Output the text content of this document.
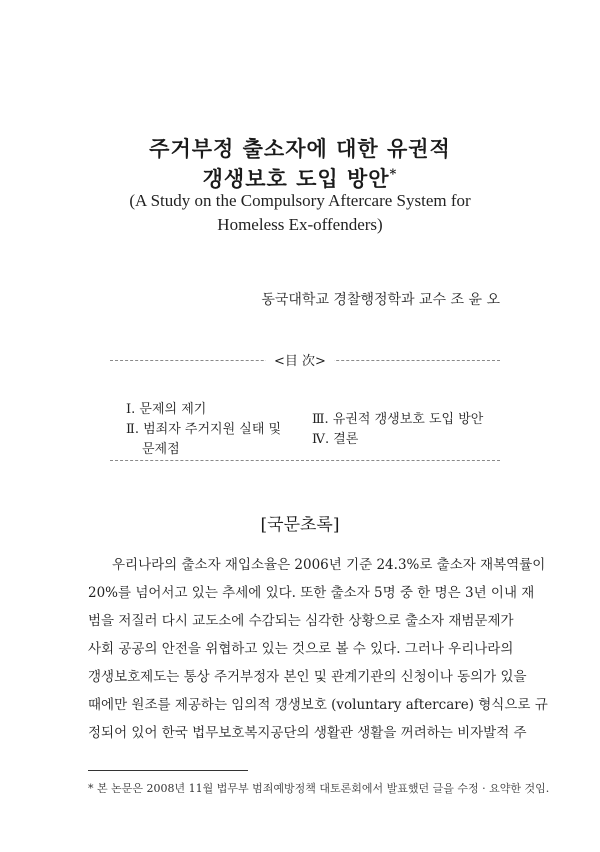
주거부정 출소자에 대한 유권적
갱생보호 도입 방안*
(A Study on the Compulsory Aftercare System for
Homeless Ex-offenders)
동국대학교 경찰행정학과 교수 조 윤 오
<目 次>
Ⅰ. 문제의 제기
Ⅱ. 범죄자 주거지원 실태 및
문제점
Ⅲ. 유권적 갱생보호 도입 방안
Ⅳ. 결론
[국문초록]
우리나라의 출소자 재입소율은 2006년 기준 24.3%로 출소자 재복역률이
20%를 넘어서고 있는 추세에 있다. 또한 출소자 5명 중 한 명은 3년 이내 재
범을 저질러 다시 교도소에 수감되는 심각한 상황으로 출소자 재범문제가
사회 공공의 안전을 위협하고 있는 것으로 볼 수 있다. 그러나 우리나라의
갱생보호제도는 통상 주거부정자 본인 및 관계기관의 신청이나 동의가 있을
때에만 원조를 제공하는 임의적 갱생보호 (voluntary aftercare) 형식으로 규
정되어 있어 한국 법무보호복지공단의 생활관 생활을 꺼려하는 비자발적 주
* 본 논문은 2008년 11월 법무부 범죄예방정책 대토론회에서 발표했던 글을 수정 · 요약한 것임.
